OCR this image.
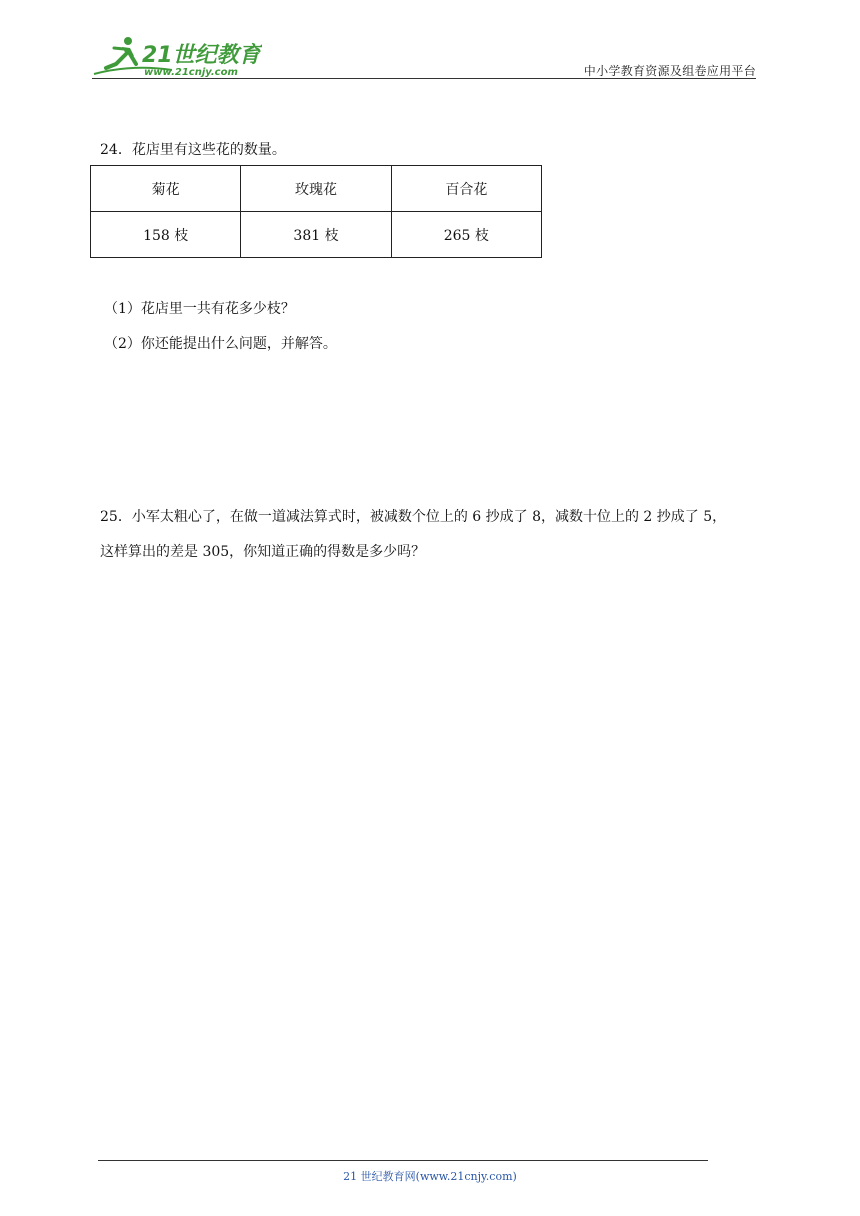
21世纪教育
www.21cnjy.com	中小学教育资源及组卷应用平台
24．花店里有这些花的数量。
菊花	玫瑰花	百合花
158 枝	381 枝	265 枝
（1）花店里一共有花多少枝？
（2）你还能提出什么问题，并解答。
25．小军太粗心了，在做一道减法算式时，被减数个位上的 6 抄成了 8，减数十位上的 2 抄成了 5，
这样算出的差是 305，你知道正确的得数是多少吗？
21 世纪教育网(www.21cnjy.com)
